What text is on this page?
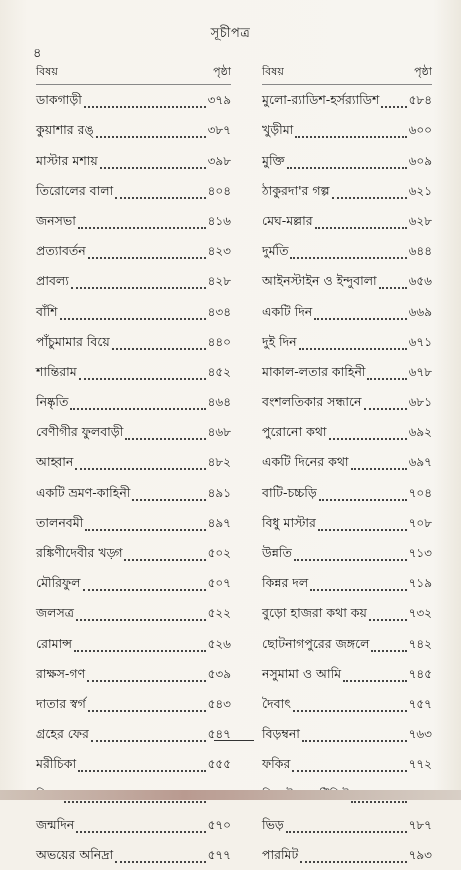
সূচীপত্র
৪
বিষয়	পৃষ্ঠা
ডাকগাড়ী	৩৭৯
কুয়াশার রঙ্	৩৮৭
মাস্টার মশায়	৩৯৮
তিরোলের বালা	৪০৪
জনসভা	৪১৬
প্রত্যাবর্তন	৪২৩
প্রাবল্য	৪২৮
বাঁশি	৪৩৪
পাঁচুমামার বিয়ে	৪৪০
শান্তিরাম	৪৫২
নিষ্কৃতি	৪৬৪
বেণীগীর ফুলবাড়ী	৪৬৮
আহ্বান	৪৮২
একটি ভ্রমণ-কাহিনী	৪৯১
তালনবমী	৪৯৭
রঙ্কিণীদেবীর খড়্গ	৫০২
মৌরিফুল	৫০৭
জলসত্র	৫২২
রোমান্স	৫২৬
রাক্ষস-গণ	৫৩৯
দাতার স্বর্গ	৫৪৩
গ্রহের ফের	৫৪৭
মরীচিকা	৫৫৫
জন্মদিন	৫৭০
অভয়ের অনিদ্রা	৫৭৭
বিষয়	পৃষ্ঠা
মুলো-র‍্যাডিশ-হর্সর‍্যাডিশ ৫৮৪
খুড়ীমা	৬০০
মুক্তি	৬০৯
ঠাকুরদা'র গল্প	৬২১
মেঘ-মল্লার	৬২৮
দুর্মতি	৬৪৪
আইনস্টাইন ও ইন্দুবালা	৬৫৬
একটি দিন	৬৬৯
দুই দিন	৬৭১
মাকাল-লতার কাহিনী	৬৭৮
বংশলতিকার সন্ধানে	৬৮১
পুরোনো কথা	৬৯২
একটি দিনের কথা	৬৯৭
বাটি-চচ্চড়ি	৭০৪
বিধু মাস্টার	৭০৮
উন্নতি	৭১৩
কিন্নর দল	৭১৯
বুড়ো হাজরা কথা কয়	৭৩২
ছোটনাগপুরের জঙ্গলে	৭৪২
নসুমামা ও আমি	৭৪৫
দৈবাৎ	৭৫৭
বিড়ম্বনা	৭৬৩
ফকির	৭৭২
ভিড়	৭৮৭
পারমিট	৭৯৩
